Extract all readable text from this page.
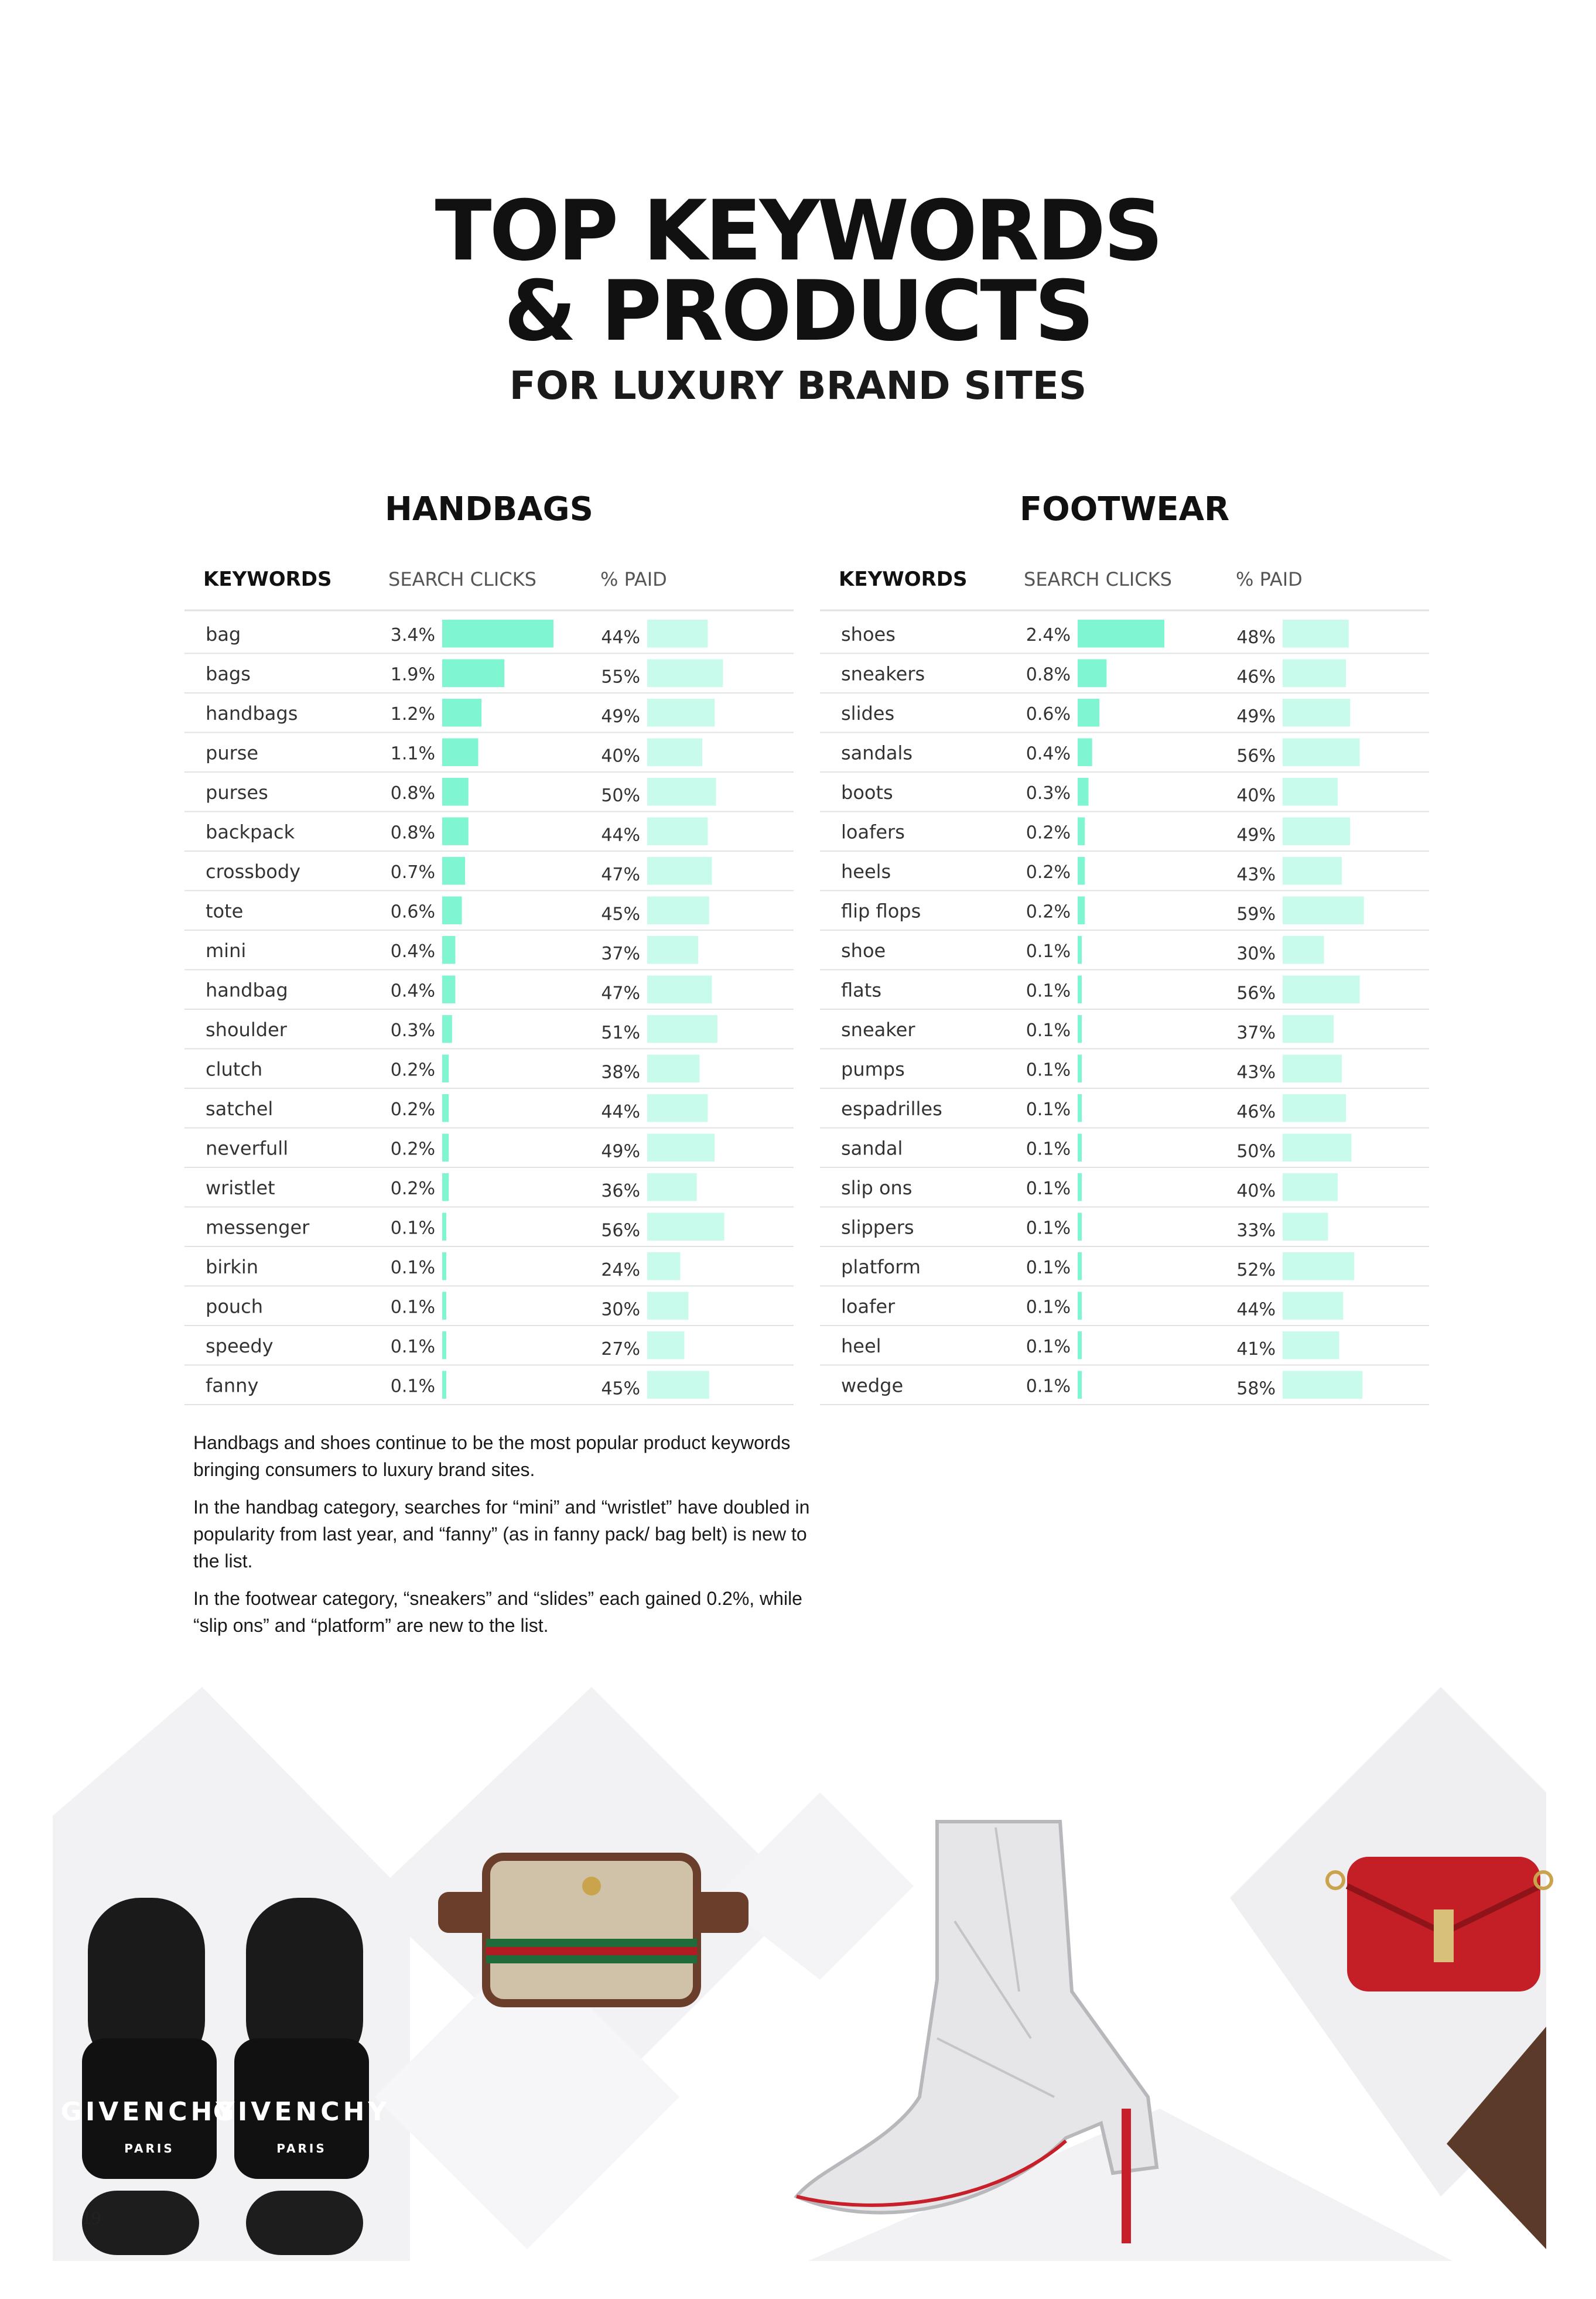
TOP KEYWORDS
& PRODUCTS
FOR LUXURY BRAND SITES
HANDBAGS
KEYWORDS	SEARCH CLICKS	% PAID
bag	3.4%	44%
bags	1.9%	55%
handbags	1.2%	49%
purse	1.1%	40%
purses	0.8%	50%
backpack	0.8%	44%
crossbody	0.7%	47%
tote	0.6%	45%
mini	0.4%	37%
handbag	0.4%	47%
shoulder	0.3%	51%
clutch	0.2%	38%
satchel	0.2%	44%
neverfull	0.2%	49%
wristlet	0.2%	36%
messenger	0.1%	56%
birkin	0.1%	24%
pouch	0.1%	30%
speedy	0.1%	27%
fanny	0.1%	45%
FOOTWEAR
KEYWORDS	SEARCH CLICKS	% PAID
shoes	2.4%	48%
sneakers	0.8%	46%
slides	0.6%	49%
sandals	0.4%	56%
boots	0.3%	40%
loafers	0.2%	49%
heels	0.2%	43%
flip flops	0.2%	59%
shoe	0.1%	30%
flats	0.1%	56%
sneaker	0.1%	37%
pumps	0.1%	43%
espadrilles	0.1%	46%
sandal	0.1%	50%
slip ons	0.1%	40%
slippers	0.1%	33%
platform	0.1%	52%
loafer	0.1%	44%
heel	0.1%	41%
wedge	0.1%	58%

Handbags and shoes continue to be the most popular product keywords bringing consumers to luxury brand sites.

In the handbag category, searches for “mini” and “wristlet” have doubled in popularity from last year, and “fanny” (as in fanny pack/ bag belt) is new to the list.

In the footwear category, “sneakers” and “slides” each gained 0.2%, while “slip ons” and “platform” are new to the list.

GIVENCHY
PARIS
GIVENCHY
PARIS
19
